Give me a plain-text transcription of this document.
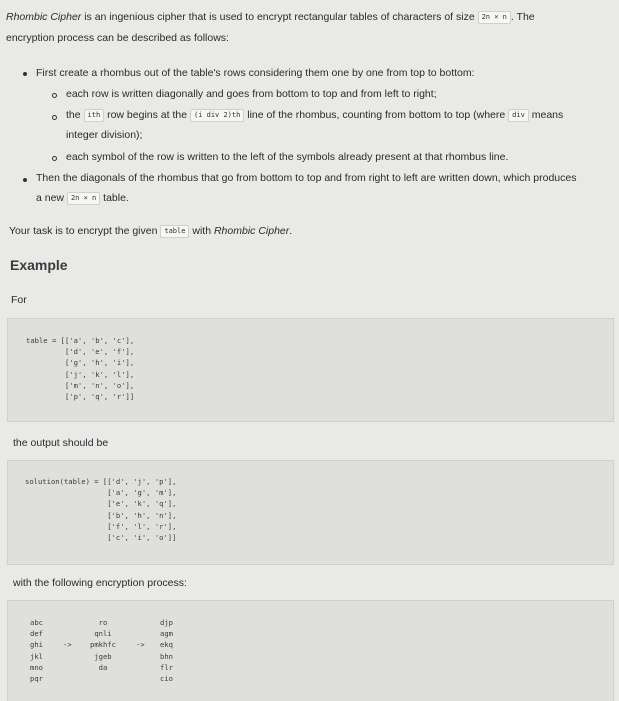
Rhombic Cipher is an ingenious cipher that is used to encrypt rectangular tables of characters of size 2n × n . The
encryption process can be described as follows:
First create a rhombus out of the table's rows considering them one by one from top to bottom:
each row is written diagonally and goes from bottom to top and from left to right;
the ith row begins at the (i div 2)th line of the rhombus, counting from bottom to top (where div means
integer division);
each symbol of the row is written to the left of the symbols already present at that rhombus line.
Then the diagonals of the rhombus that go from bottom to top and from right to left are written down, which produces
a new 2n × n table.
Your task is to encrypt the given table with Rhombic Cipher.
Example
For
table = [['a', 'b', 'c'],
['d', 'e', 'f'],
['g', 'h', 'i'],
['j', 'k', 'l'],
['m', 'n', 'o'],
['p', 'q', 'r']]
the output should be
solution(table) = [['d', 'j', 'p'],
['a', 'g', 'm'],
['e', 'k', 'q'],
['b', 'h', 'n'],
['f', 'l', 'r'],
['c', 'i', 'o']]
with the following encryption process:
abc
def
ghi
jkl
mno
pqr
->
ro
qnli
pmkhfc
jgeb
da
->
djp
agm
ekq
bhn
flr
cio
